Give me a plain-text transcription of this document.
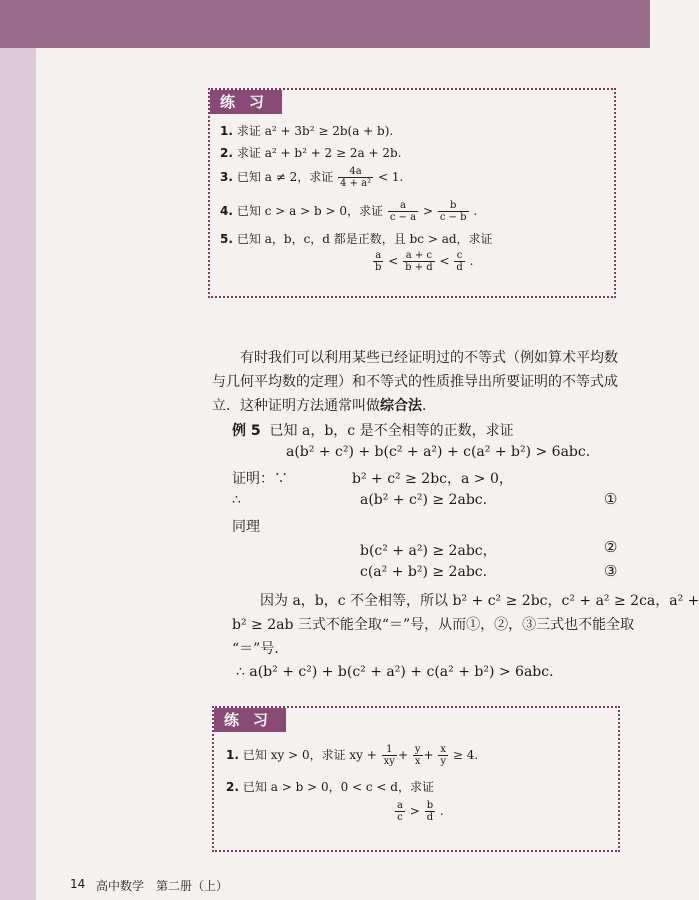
练习
1. 求证 a² + 3b² ≥ 2b(a + b).
2. 求证 a² + b² + 2 ≥ 2a + 2b.
3. 已知 a ≠ 2，求证 $\frac{4a}{\text{4 + a²}} < 1$.
4. 已知 c > a > b > 0，求证 $\frac{a}{c - a} > \frac{b}{c - b}$ .
5. 已知 a，b，c，d 都是正数，且 bc > ad，求证
$\frac{a}{b} < \frac{a + c}{b + d} < \frac{c}{d}$ .
有时我们可以利用某些已经证明过的不等式（例如算术平均数与几何平均数的定理）和不等式的性质推导出所要证明的不等式成立．这种证明方法通常叫做综合法．
例 5 已知 a，b，c 是不全相等的正数，求证
a(b² + c²) + b(c² + a²) + c(a² + b²) > 6abc.
证明：∵	b² + c² ≥ 2bc，a > 0，
∴	a(b² + c²) ≥ 2abc.	①
同理
b(c² + a²) ≥ 2abc，	②
c(a² + b²) ≥ 2abc.	③
因为 a，b，c 不全相等，所以 b² + c² ≥ 2bc，c² + a² ≥ 2ca，a² +
b² ≥ 2ab 三式不能全取“＝”号，从而①，②，③三式也不能全取
“＝”号．
∴ a(b² + c²) + b(c² + a²) + c(a² + b²) > 6abc.
练习
1. 已知 xy > 0，求证 xy + $\frac{1}{xy} + \frac{y}{x} + \frac{x}{y} \ge 4$.
2. 已知 a > b > 0，0 < c < d，求证
$\frac{a}{c} > \frac{b}{d}$ .
14 高中数学　第二册（上）
